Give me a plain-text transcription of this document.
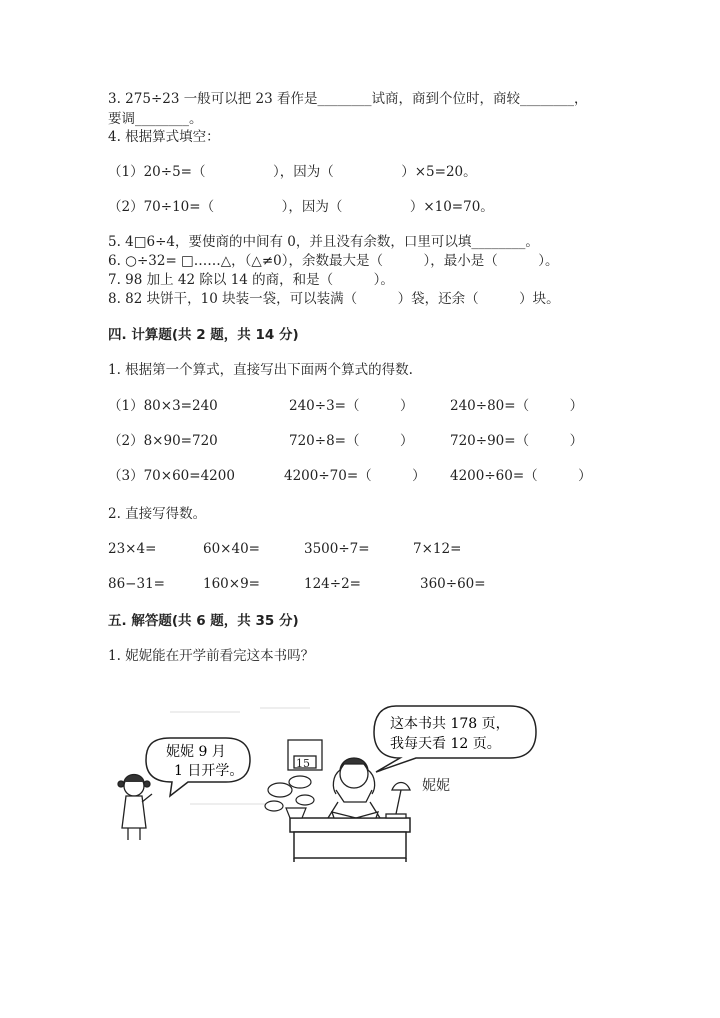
3. 275÷23 一般可以把 23 看作是________试商，商到个位时，商较________，
要调________。
4. 根据算式填空：
（1）20÷5=（　　　　　），因为（　　　　　）×5=20。
（2）70÷10=（　　　　　），因为（　　　　　）×10=70。
5. 4□6÷4，要使商的中间有 0，并且没有余数，口里可以填________。
6. ○÷32= □……△，（△≠0），余数最大是（　　　），最小是（　　　）。
7. 98 加上 42 除以 14 的商，和是（　　　）。
8. 82 块饼干，10 块装一袋，可以装满（　　　）袋，还余（　　　）块。
四. 计算题(共 2 题，共 14 分)
1. 根据第一个算式，直接写出下面两个算式的得数.
（1）80×3=240	240÷3=（　　　）	240÷80=（　　　）
（2）8×90=720	720÷8=（　　　）	720÷90=（　　　）
（3）70×60=4200	4200÷70=（　　　） 4200÷60=（　　　）
2. 直接写得数。
23×4=	60×40=	3500÷7=	7×12=
86−31=	160×9=	124÷2=	360÷60=
五. 解答题(共 6 题，共 35 分)
1. 妮妮能在开学前看完这本书吗？
妮妮 9 月
1 日开学。	15
这本书共 178 页，
我每天看 12 页。
妮妮
